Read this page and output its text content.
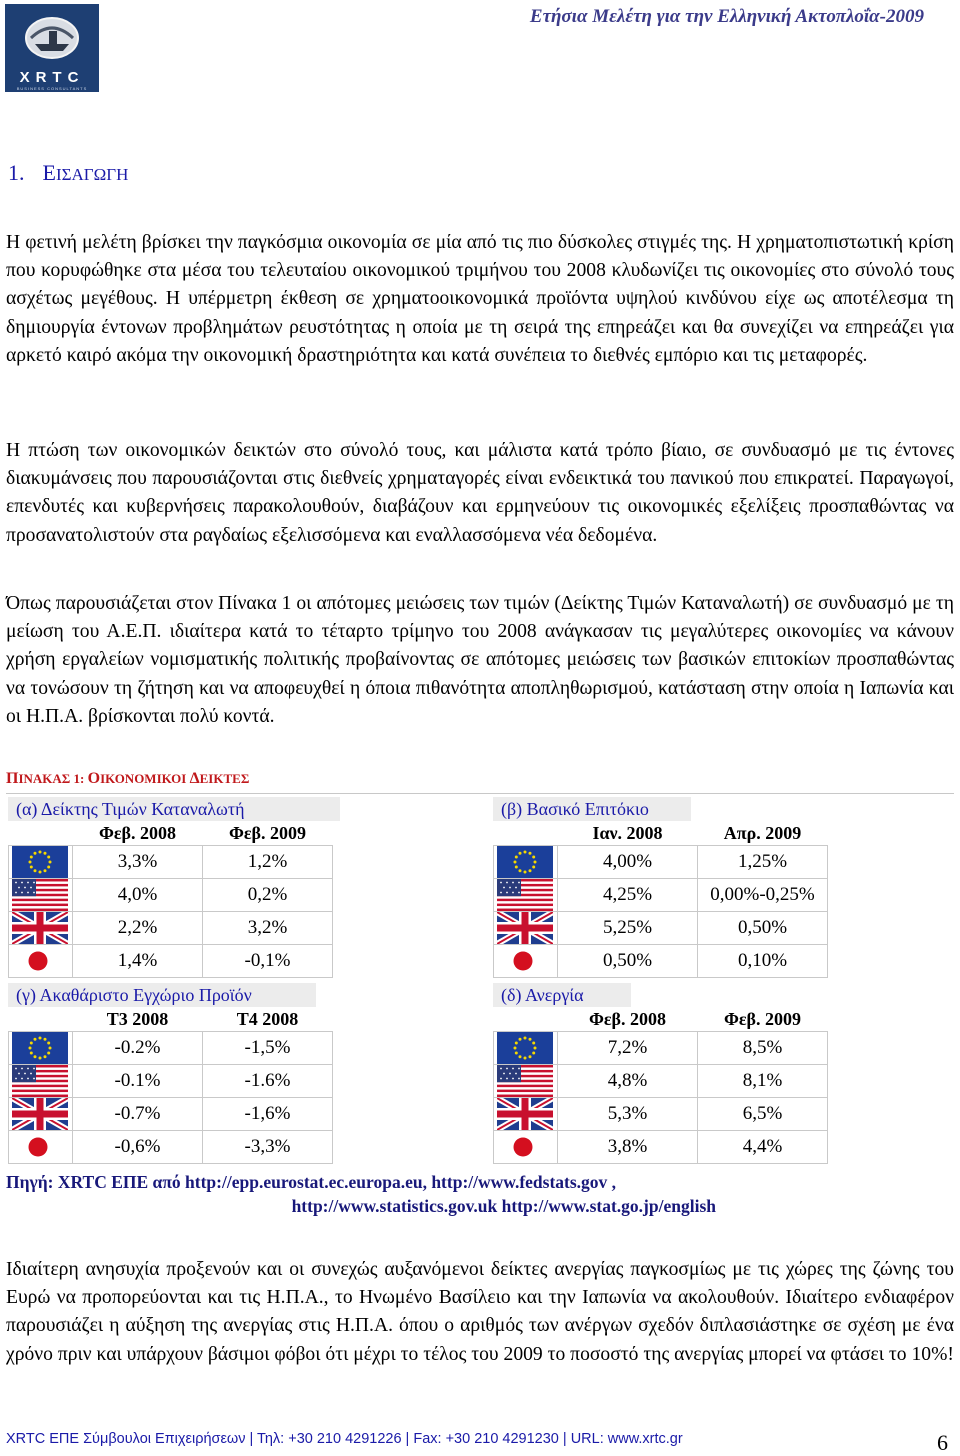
XRTC
BUSINESS CONSULTANTS
Ετήσια Μελέτη για την Ελληνική Ακτοπλοΐα-2009
1. ΕΙΣΑΓΩΓΗ

Η φετινή μελέτη βρίσκει την παγκόσμια οικονομία σε μία από τις πιο δύσκολες στιγμές της. Η χρηματοπιστωτική κρίση που κορυφώθηκε στα μέσα του τελευταίου οικονομικού τριμήνου του 2008 κλυδωνίζει τις οικονομίες στο σύνολό τους ασχέτως μεγέθους. Η υπέρμετρη έκθεση σε χρηματοοικονομικά προϊόντα υψηλού κινδύνου είχε ως αποτέλεσμα τη δημιουργία έντονων προβλημάτων ρευστότητας η οποία με τη σειρά της επηρεάζει και θα συνεχίζει να επηρεάζει για αρκετό καιρό ακόμα την οικονομική δραστηριότητα και κατά συνέπεια το διεθνές εμπόριο και τις μεταφορές.

Η πτώση των οικονομικών δεικτών στο σύνολό τους, και μάλιστα κατά τρόπο βίαιο, σε συνδυασμό με τις έντονες διακυμάνσεις που παρουσιάζονται στις διεθνείς χρηματαγορές είναι ενδεικτικά του πανικού που επικρατεί. Παραγωγοί, επενδυτές και κυβερνήσεις παρακολουθούν, διαβάζουν και ερμηνεύουν τις οικονομικές εξελίξεις προσπαθώντας να προσανατολιστούν στα ραγδαίως εξελισσόμενα και εναλλασσόμενα νέα δεδομένα.

Όπως παρουσιάζεται στον Πίνακα 1 οι απότομες μειώσεις των τιμών (Δείκτης Τιμών Καταναλωτή) σε συνδυασμό με τη μείωση του Α.Ε.Π. ιδιαίτερα κατά το τέταρτο τρίμηνο του 2008 ανάγκασαν τις μεγαλύτερες οικονομίες να κάνουν χρήση εργαλείων νομισματικής πολιτικής προβαίνοντας σε απότομες μειώσεις των βασικών επιτοκίων προσπαθώντας να τονώσουν τη ζήτηση και να αποφευχθεί η όποια πιθανότητα αποπληθωρισμού, κατάσταση στην οποία η Ιαπωνία και οι Η.Π.Α. βρίσκονται πολύ κοντά.

ΠΙΝΑΚΑΣ 1: ΟΙΚΟΝΟΜΙΚΟΙ ΔΕΙΚΤΕΣ
(α) Δείκτης Τιμών Καταναλωτή
	Φεβ. 2008	Φεβ. 2009

	3,3%	1,2%

	4,0%	0,2%

	2,2%	3,2%

	1,4%	-0,1%
(β) Βασικό Επιτόκιο
	Ιαν. 2008	Απρ. 2009

	4,00%	1,25%

	4,25%	0,00%-0,25%

	5,25%	0,50%

	0,50%	0,10%
(γ) Ακαθάριστο Εγχώριο Προϊόν
	Τ3 2008	Τ4 2008

	-0.2%	-1,5%

	-0.1%	-1.6%

	-0.7%	-1,6%

	-0,6%	-3,3%
(δ) Ανεργία
	Φεβ. 2008	Φεβ. 2009

	7,2%	8,5%

	4,8%	8,1%

	5,3%	6,5%

	3,8%	4,4%
Πηγή: XRTC ΕΠΕ από http://epp.eurostat.ec.europa.eu, http://www.fedstats.gov ,
http://www.statistics.gov.uk http://www.stat.go.jp/english

Ιδιαίτερη ανησυχία προξενούν και οι συνεχώς αυξανόμενοι δείκτες ανεργίας παγκοσμίως με τις χώρες της ζώνης του Ευρώ να προπορεύονται και τις Η.Π.Α., το Ηνωμένο Βασίλειο και την Ιαπωνία να ακολουθούν. Ιδιαίτερο ενδιαφέρον παρουσιάζει η αύξηση της ανεργίας στις Η.Π.Α. όπου ο αριθμός των ανέργων σχεδόν διπλασιάστηκε σε σχέση με ένα χρόνο πριν και υπάρχουν βάσιμοι φόβοι ότι μέχρι το τέλος του 2009 το ποσοστό της ανεργίας μπορεί να φτάσει το 10%!

XRTC ΕΠΕ Σύμβουλοι Επιχειρήσεων | Τηλ: +30 210 4291226 | Fax: +30 210 4291230 | URL: www.xrtc.gr	6
